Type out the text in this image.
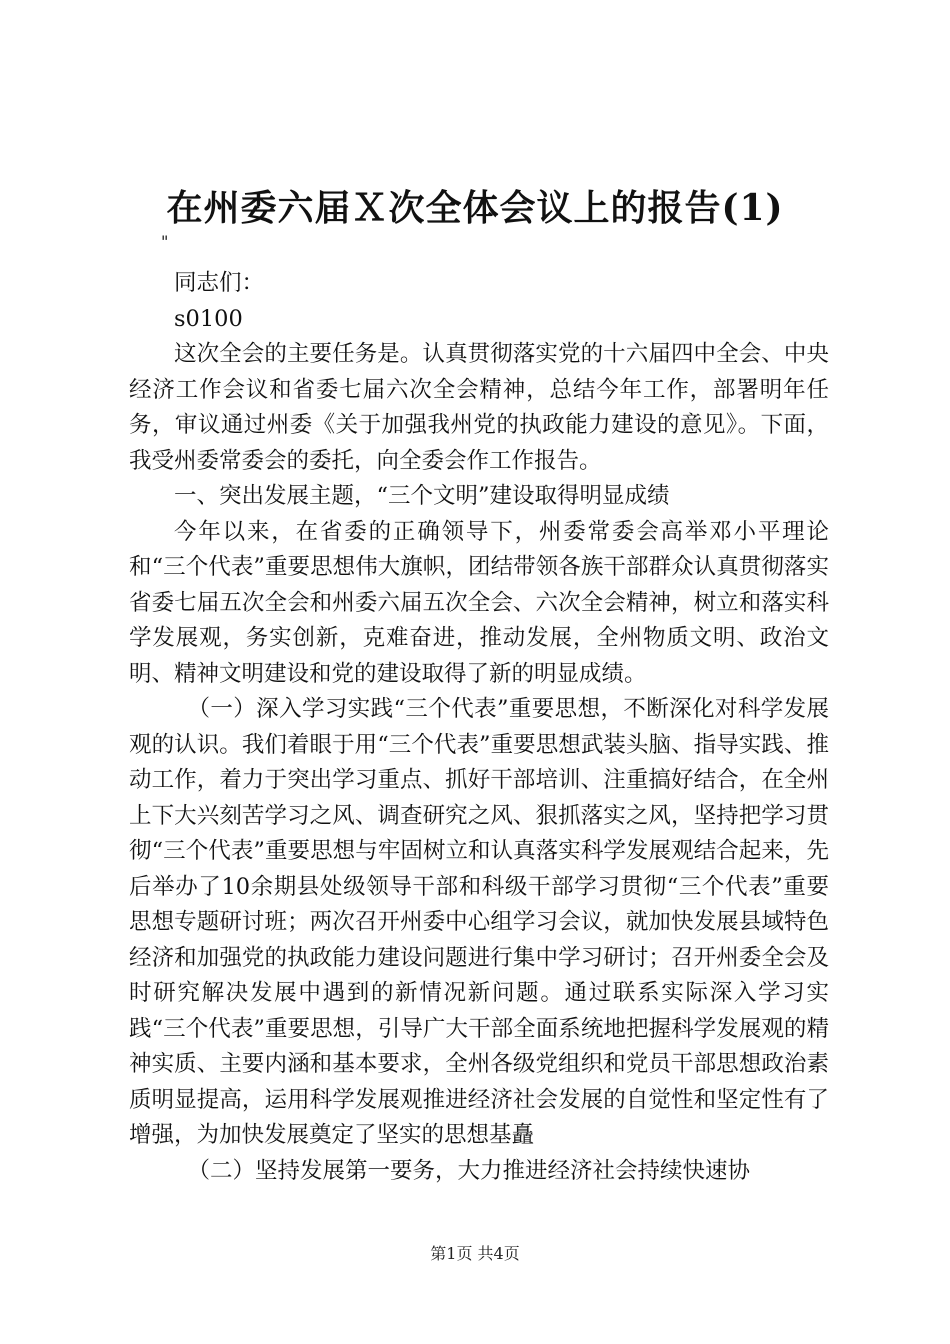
在州委六届Ｘ次全体会议上的报告(1)

"

同志们：

s0100

这次全会的主要任务是。认真贯彻落实党的十六届四中全会、中央经济工作会议和省委七届六次全会精神，总结今年工作，部署明年任务，审议通过州委《关于加强我州党的执政能力建设的意见》。下面，我受州委常委会的委托，向全委会作工作报告。

一、突出发展主题，“三个文明”建设取得明显成绩

今年以来，在省委的正确领导下，州委常委会高举邓小平理论和“三个代表”重要思想伟大旗帜，团结带领各族干部群众认真贯彻落实省委七届五次全会和州委六届五次全会、六次全会精神，树立和落实科学发展观，务实创新，克难奋进，推动发展，全州物质文明、政治文明、精神文明建设和党的建设取得了新的明显成绩。

（一）深入学习实践“三个代表”重要思想，不断深化对科学发展观的认识。我们着眼于用“三个代表”重要思想武装头脑、指导实践、推动工作，着力于突出学习重点、抓好干部培训、注重搞好结合，在全州上下大兴刻苦学习之风、调查研究之风、狠抓落实之风，坚持把学习贯彻“三个代表”重要思想与牢固树立和认真落实科学发展观结合起来，先后举办了10余期县处级领导干部和科级干部学习贯彻“三个代表”重要思想专题研讨班；两次召开州委中心组学习会议，就加快发展县域特色经济和加强党的执政能力建设问题进行集中学习研讨；召开州委全会及时研究解决发展中遇到的新情况新问题。通过联系实际深入学习实践“三个代表”重要思想，引导广大干部全面系统地把握科学发展观的精神实质、主要内涵和基本要求，全州各级党组织和党员干部思想政治素质明显提高，运用科学发展观推进经济社会发展的自觉性和坚定性有了增强，为加快发展奠定了坚实的思想基矗

（二）坚持发展第一要务，大力推进经济社会持续快速协

第1页 共4页
